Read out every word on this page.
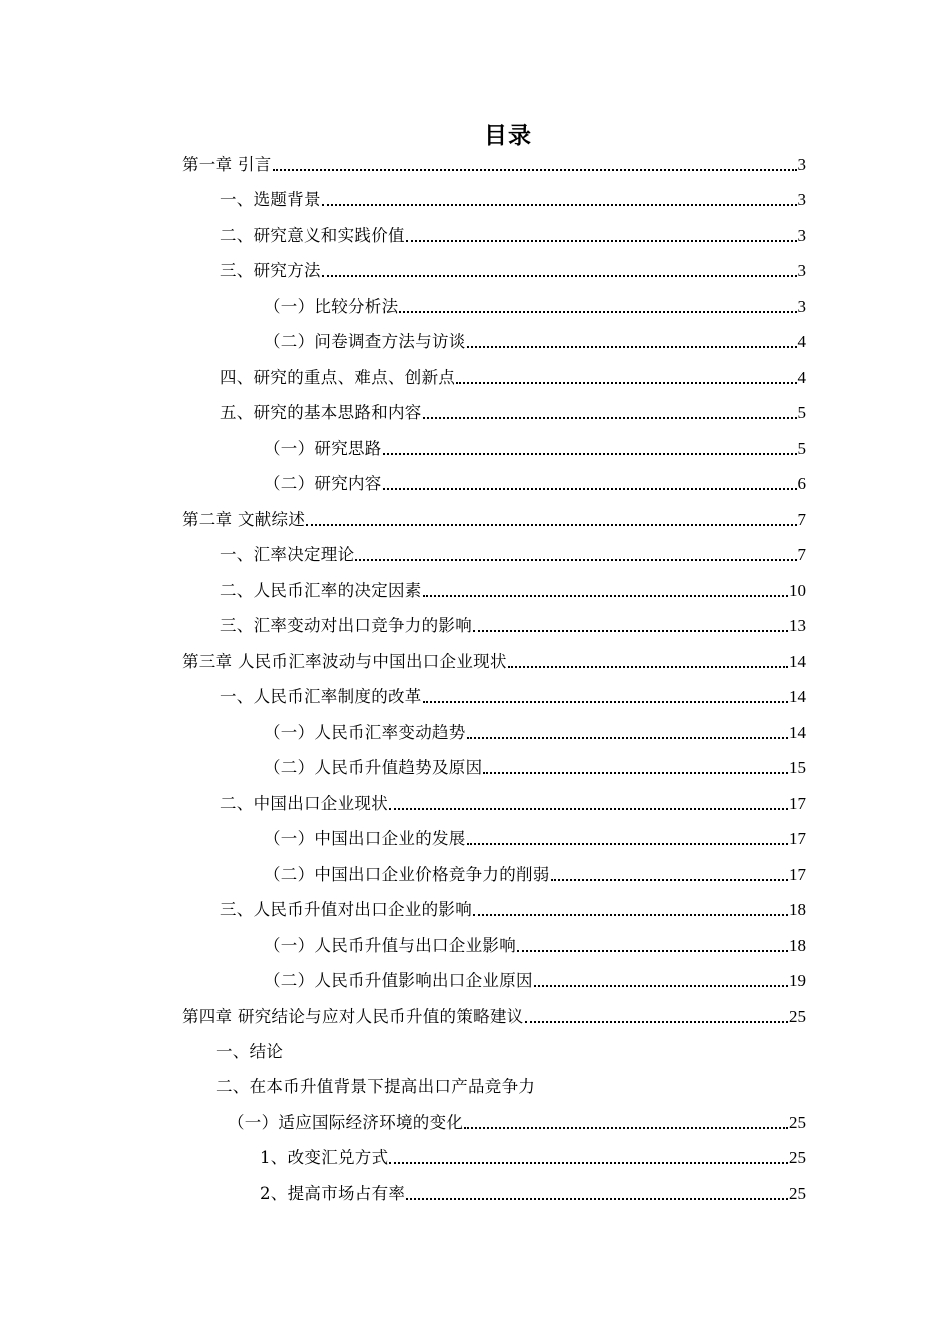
目录
第一章 引言	3
一、选题背景	3
二、研究意义和实践价值	3
三、研究方法	3
（一）比较分析法	3
（二）问卷调查方法与访谈	4
四、研究的重点、难点、创新点	4
五、研究的基本思路和内容	5
（一）研究思路	5
（二）研究内容	6
第二章 文献综述	7
一、汇率决定理论	7
二、人民币汇率的决定因素	10
三、汇率变动对出口竞争力的影响	13
第三章 人民币汇率波动与中国出口企业现状	14
一、人民币汇率制度的改革	14
（一）人民币汇率变动趋势	14
（二）人民币升值趋势及原因	15
二、中国出口企业现状	17
（一）中国出口企业的发展	17
（二）中国出口企业价格竞争力的削弱	17
三、人民币升值对出口企业的影响	18
（一）人民币升值与出口企业影响	18
（二）人民币升值影响出口企业原因	19
第四章 研究结论与应对人民币升值的策略建议	25
一、结论
二、在本币升值背景下提高出口产品竞争力
（一）适应国际经济环境的变化	25
1、改变汇兑方式	25
2、提高市场占有率	25
